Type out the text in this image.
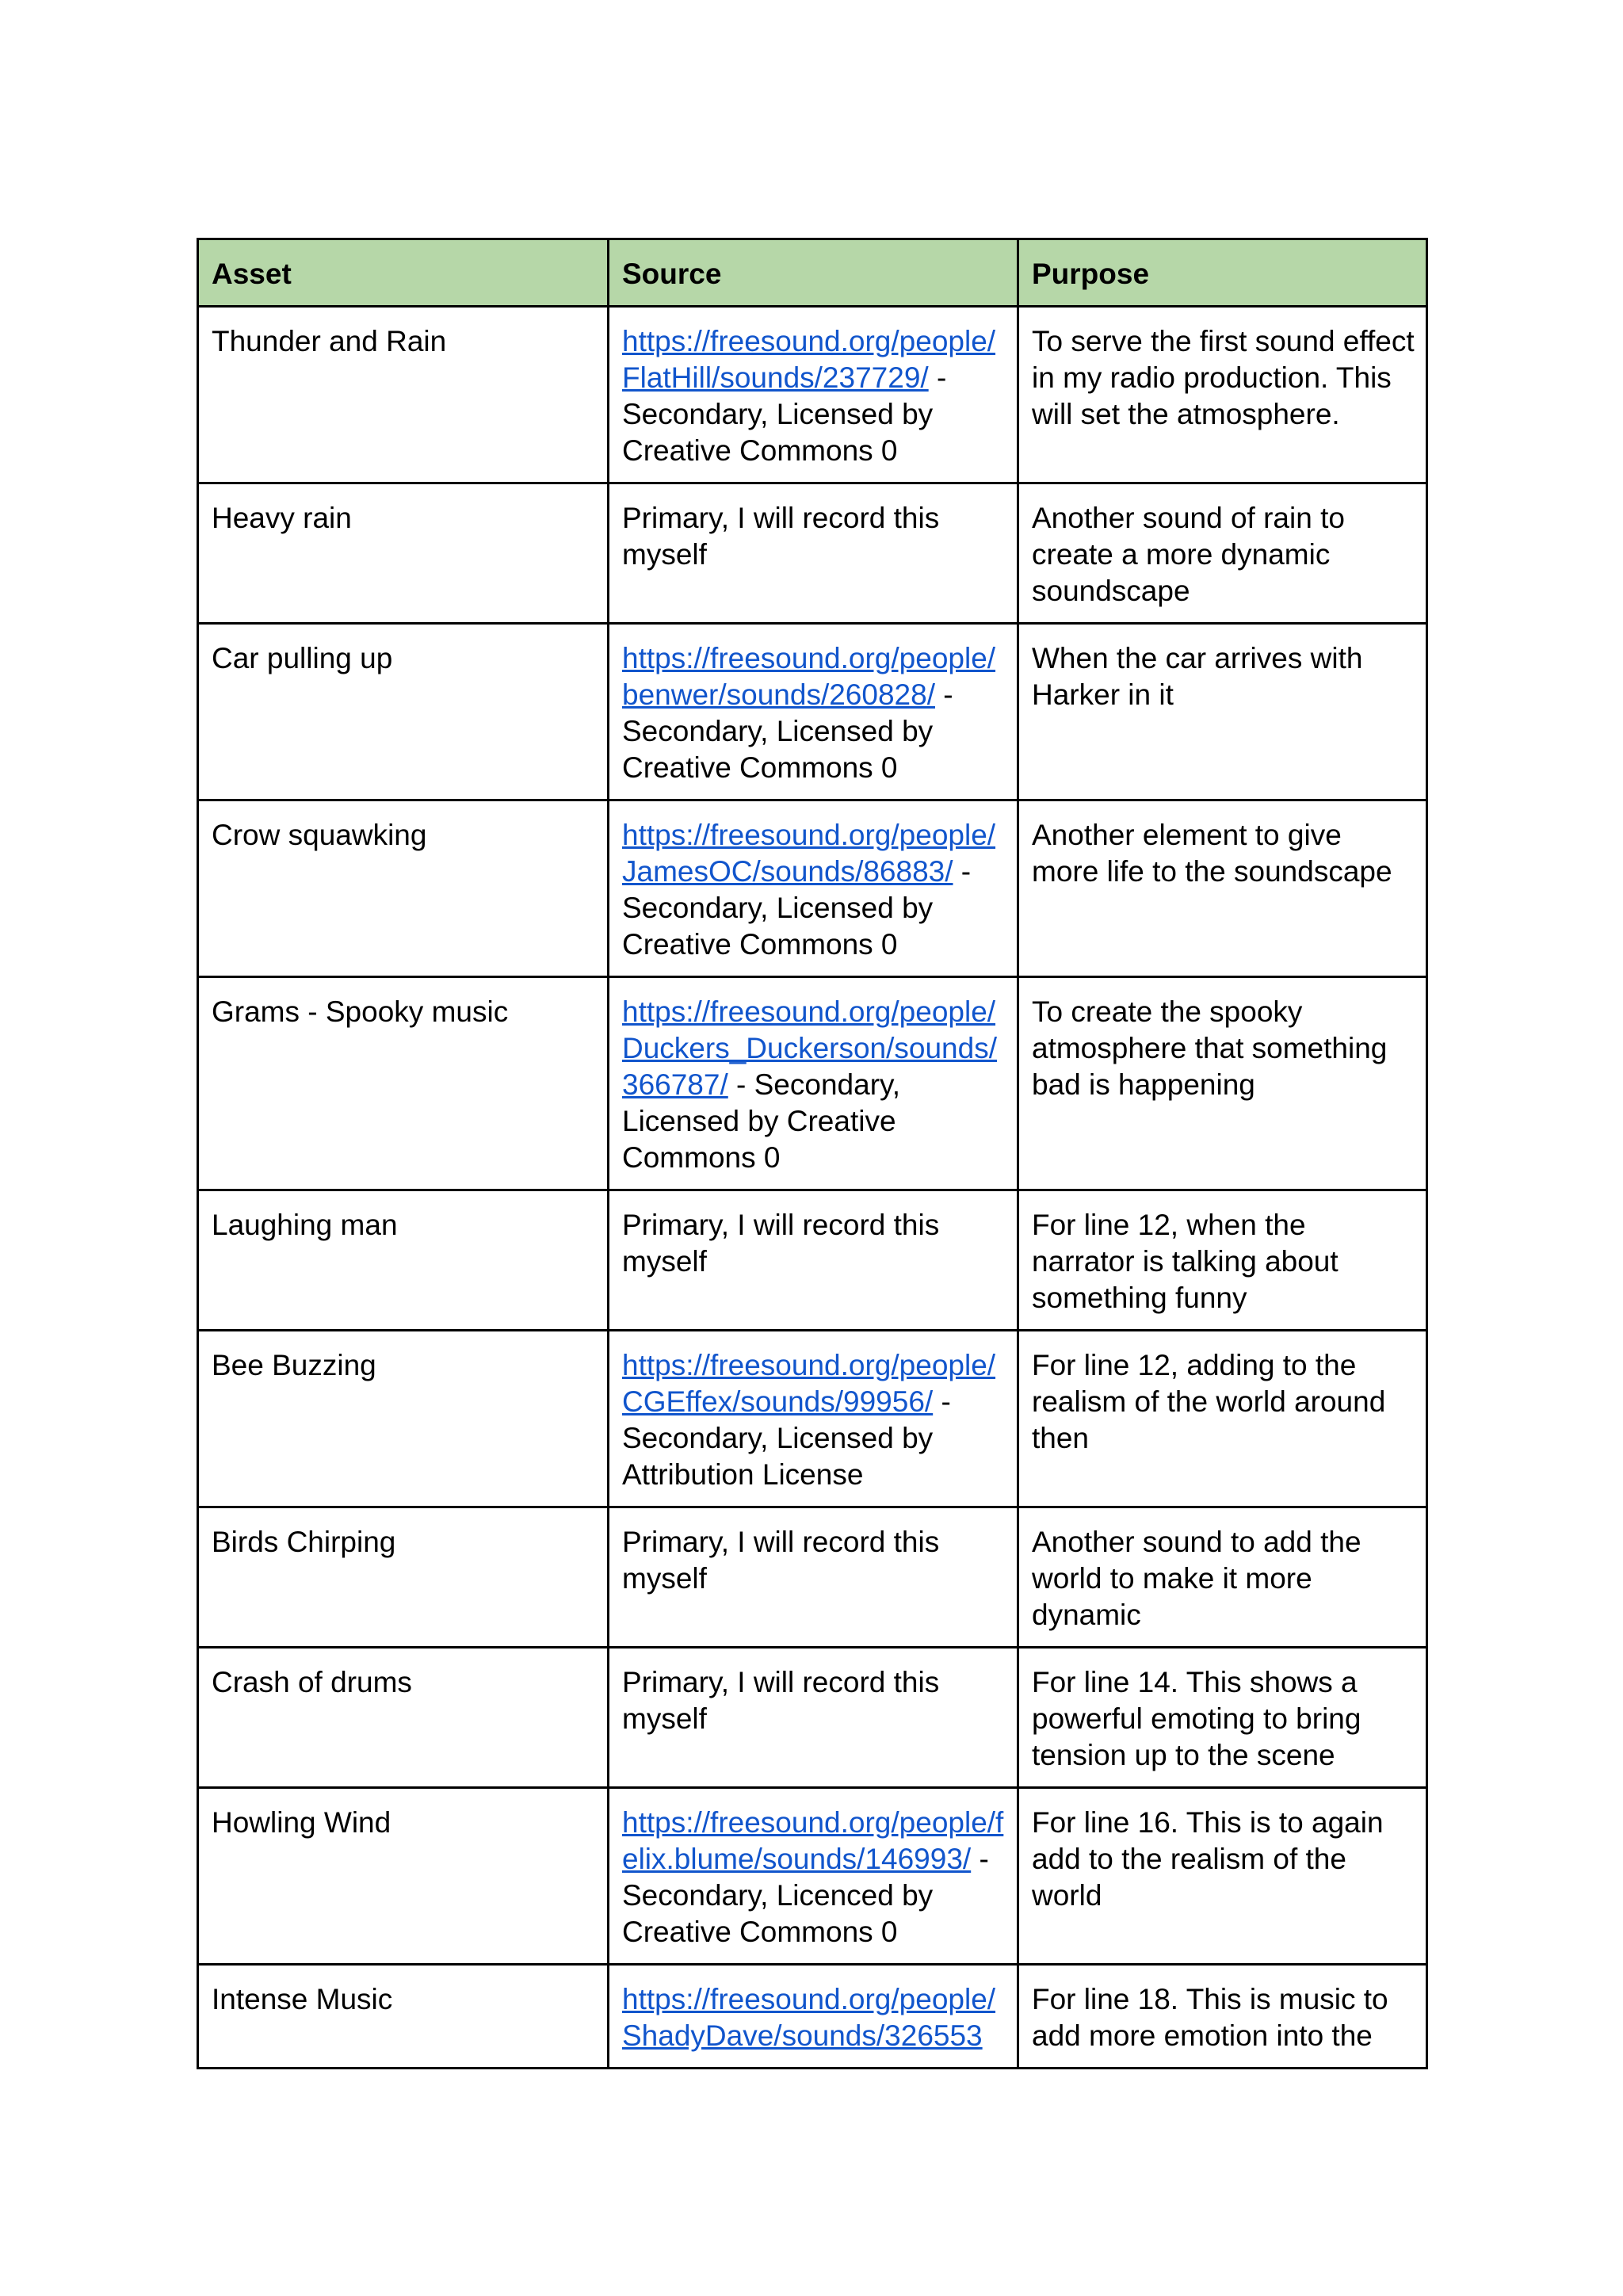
Asset	Source	Purpose
Thunder and Rain	https://freesound.org/people/FlatHill/sounds/237729/ - Secondary, Licensed by Creative Commons 0	To serve the first sound effect in my radio production. This will set the atmosphere.
Heavy rain	Primary, I will record this myself	Another sound of rain to create a more dynamic soundscape
Car pulling up	https://freesound.org/people/benwer/sounds/260828/ - Secondary, Licensed by Creative Commons 0	When the car arrives with Harker in it
Crow squawking	https://freesound.org/people/JamesOC/sounds/86883/ - Secondary, Licensed by Creative Commons 0	Another element to give more life to the soundscape
Grams - Spooky music	https://freesound.org/people/Duckers_Duckerson/sounds/366787/ - Secondary, Licensed by Creative Commons 0	To create the spooky atmosphere that something bad is happening
Laughing man	Primary, I will record this myself	For line 12, when the narrator is talking about something funny
Bee Buzzing	https://freesound.org/people/CGEffex/sounds/99956/ - Secondary, Licensed by Attribution License	For line 12, adding to the realism of the world around then
Birds Chirping	Primary, I will record this myself	Another sound to add the world to make it more dynamic
Crash of drums	Primary, I will record this myself	For line 14. This shows a powerful emoting to bring tension up to the scene
Howling Wind	https://freesound.org/people/felix.blume/sounds/146993/ - Secondary, Licenced by Creative Commons 0	For line 16. This is to again add to the realism of the world
Intense Music	https://freesound.org/people/ShadyDave/sounds/326553	For line 18. This is music to add more emotion into the
